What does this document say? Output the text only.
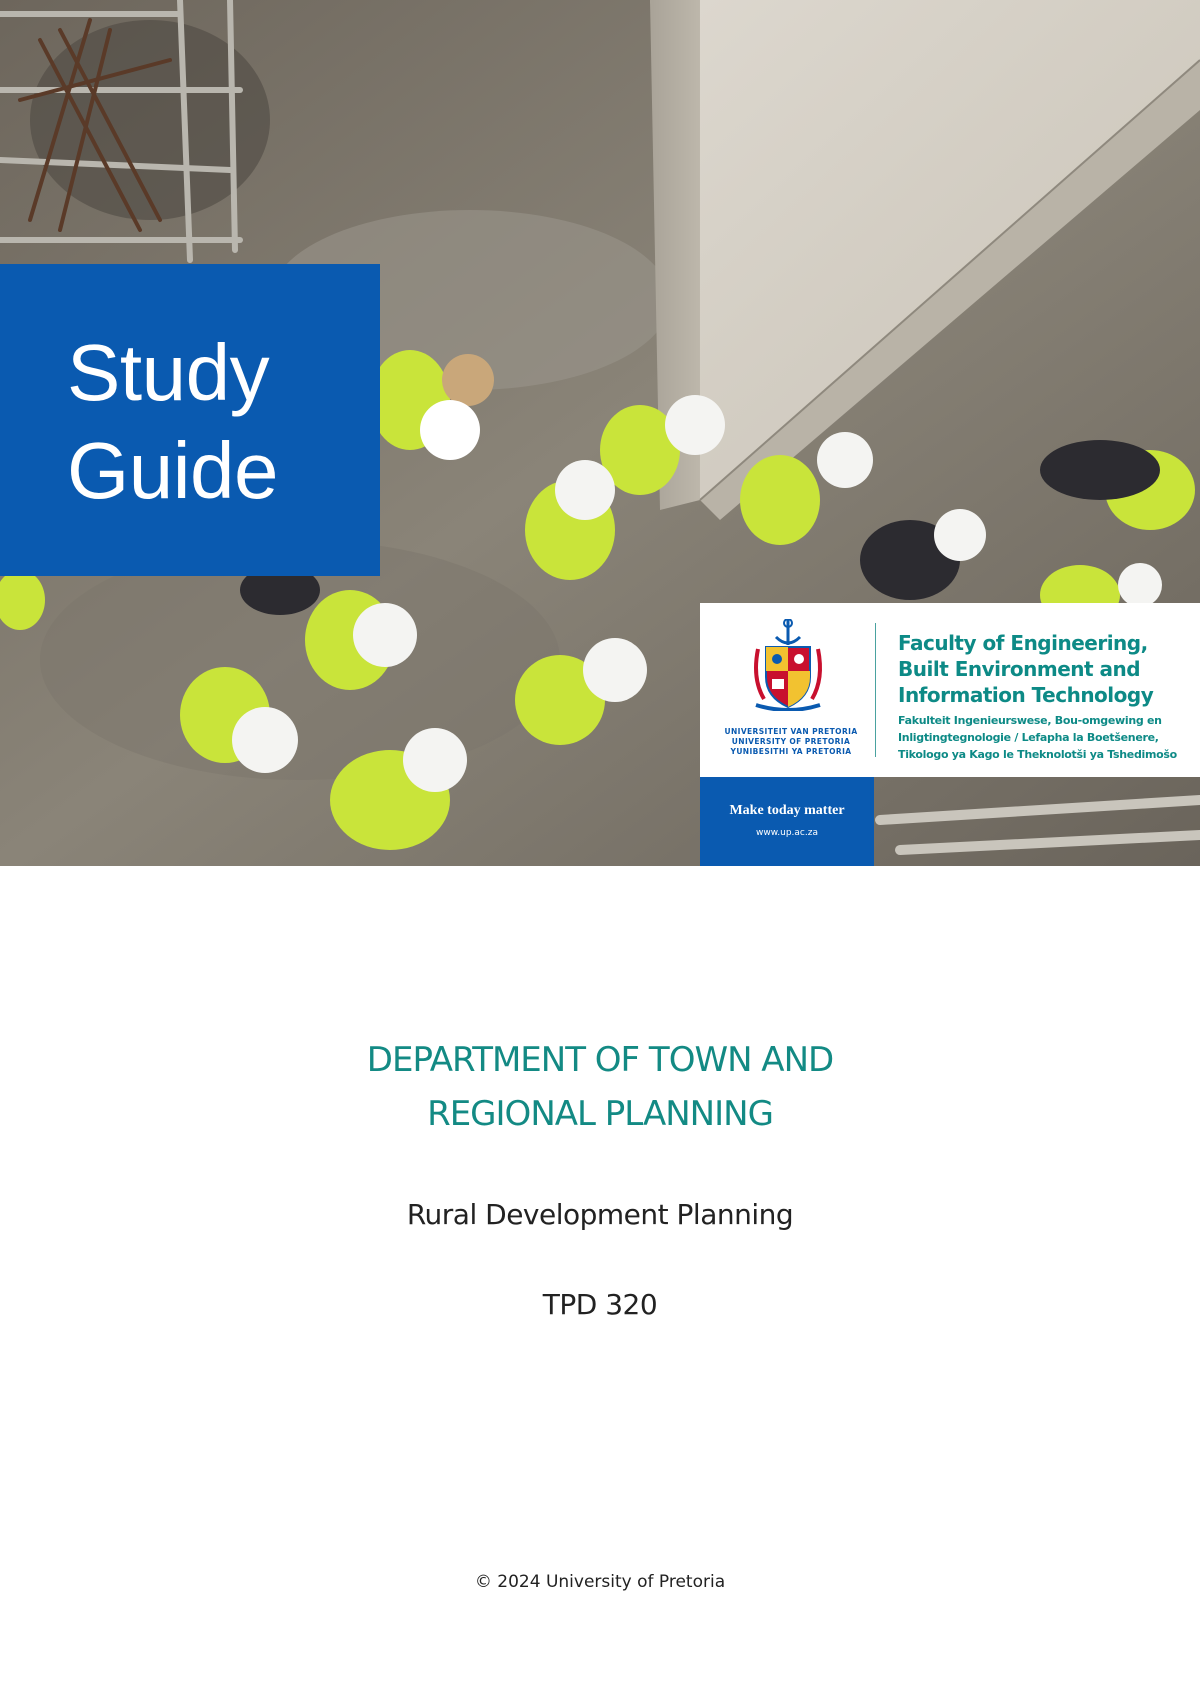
Study
Guide
UNIVERSITEIT VAN PRETORIA
UNIVERSITY OF PRETORIA
YUNIBESITHI YA PRETORIA
Faculty of Engineering,
Built Environment and
Information Technology
Fakulteit Ingenieurswese, Bou-omgewing en
Inligtingtegnologie / Lefapha la Boetšenere,
Tikologo ya Kago le Theknolotši ya Tshedimošo
Make today matter
www.up.ac.za
DEPARTMENT OF TOWN AND
REGIONAL PLANNING
Rural Development Planning
TPD 320
© 2024 University of Pretoria
